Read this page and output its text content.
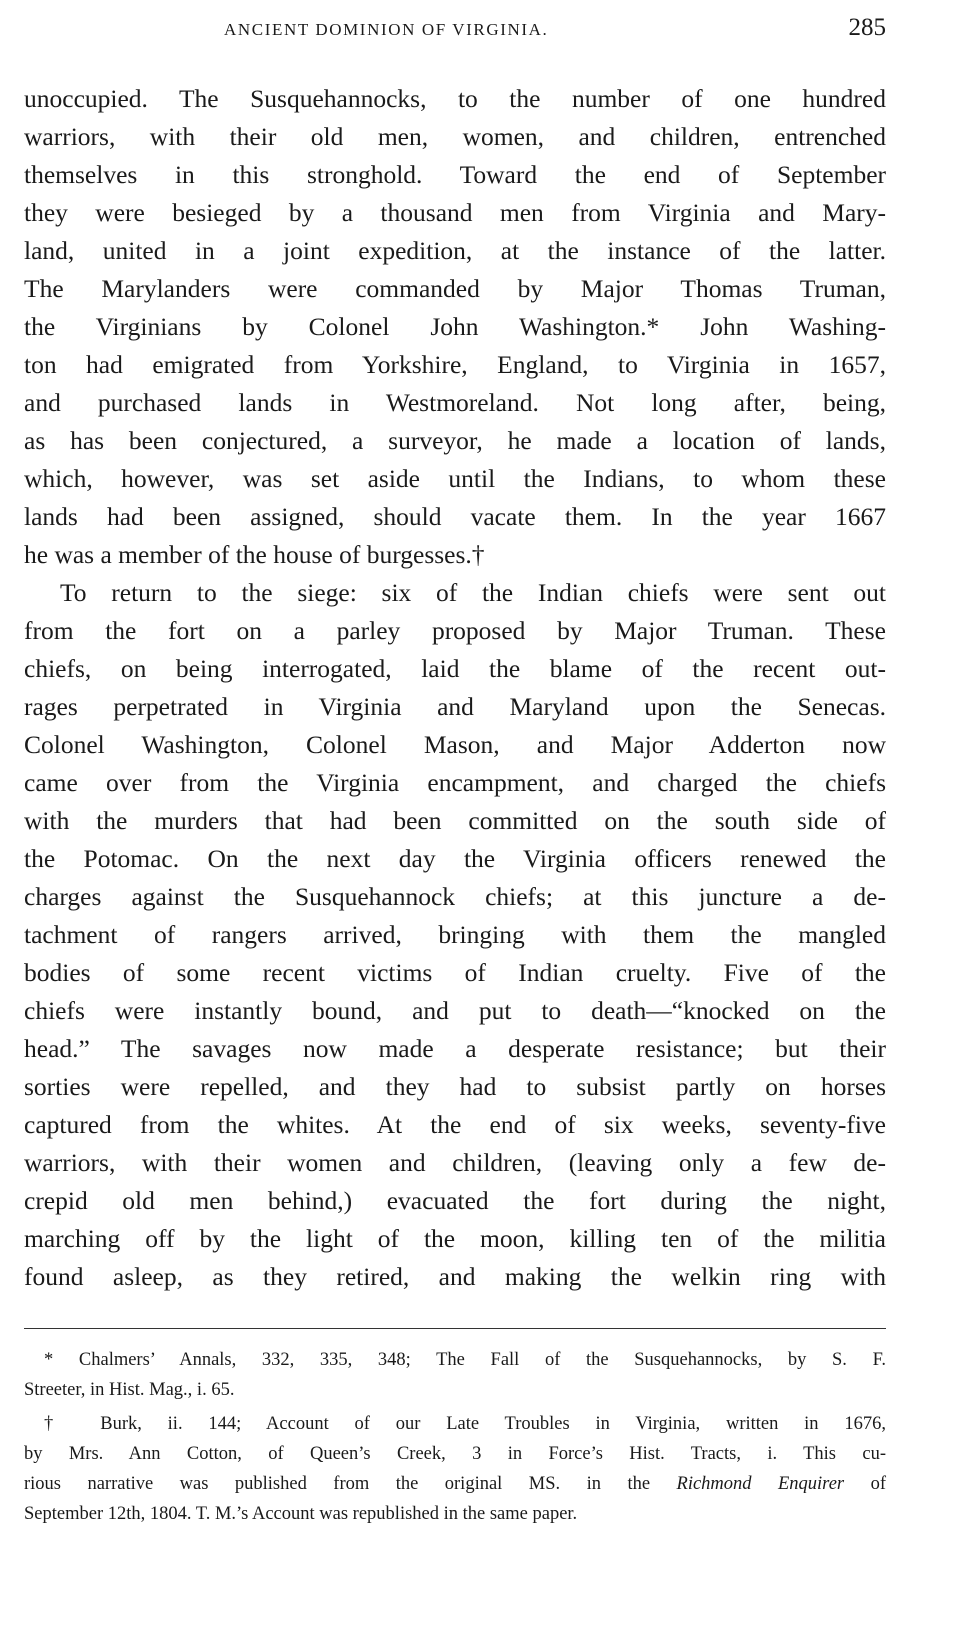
ANCIENT DOMINION OF VIRGINIA.	285
unoccupied. The Susquehannocks, to the number of one hundred
warriors, with their old men, women, and children, entrenched
themselves in this stronghold. Toward the end of September
they were besieged by a thousand men from Virginia and Mary-
land, united in a joint expedition, at the instance of the latter.
The Marylanders were commanded by Major Thomas Truman,
the Virginians by Colonel John Washington.* John Washing-
ton had emigrated from Yorkshire, England, to Virginia in 1657,
and purchased lands in Westmoreland. Not long after, being,
as has been conjectured, a surveyor, he made a location of lands,
which, however, was set aside until the Indians, to whom these
lands had been assigned, should vacate them. In the year 1667
he was a member of the house of burgesses.†
To return to the siege: six of the Indian chiefs were sent out
from the fort on a parley proposed by Major Truman. These
chiefs, on being interrogated, laid the blame of the recent out-
rages perpetrated in Virginia and Maryland upon the Senecas.
Colonel Washington, Colonel Mason, and Major Adderton now
came over from the Virginia encampment, and charged the chiefs
with the murders that had been committed on the south side of
the Potomac. On the next day the Virginia officers renewed the
charges against the Susquehannock chiefs; at this juncture a de-
tachment of rangers arrived, bringing with them the mangled
bodies of some recent victims of Indian cruelty. Five of the
chiefs were instantly bound, and put to death—“knocked on the
head.” The savages now made a desperate resistance; but their
sorties were repelled, and they had to subsist partly on horses
captured from the whites. At the end of six weeks, seventy-five
warriors, with their women and children, (leaving only a few de-
crepid old men behind,) evacuated the fort during the night,
marching off by the light of the moon, killing ten of the militia
found asleep, as they retired, and making the welkin ring with
* Chalmers’ Annals, 332, 335, 348; The Fall of the Susquehannocks, by S. F.
Streeter, in Hist. Mag., i. 65.
† Burk, ii. 144; Account of our Late Troubles in Virginia, written in 1676,
by Mrs. Ann Cotton, of Queen’s Creek, 3 in Force’s Hist. Tracts, i. This cu-
rious narrative was published from the original MS. in the Richmond Enquirer of
September 12th, 1804. T. M.’s Account was republished in the same paper.
